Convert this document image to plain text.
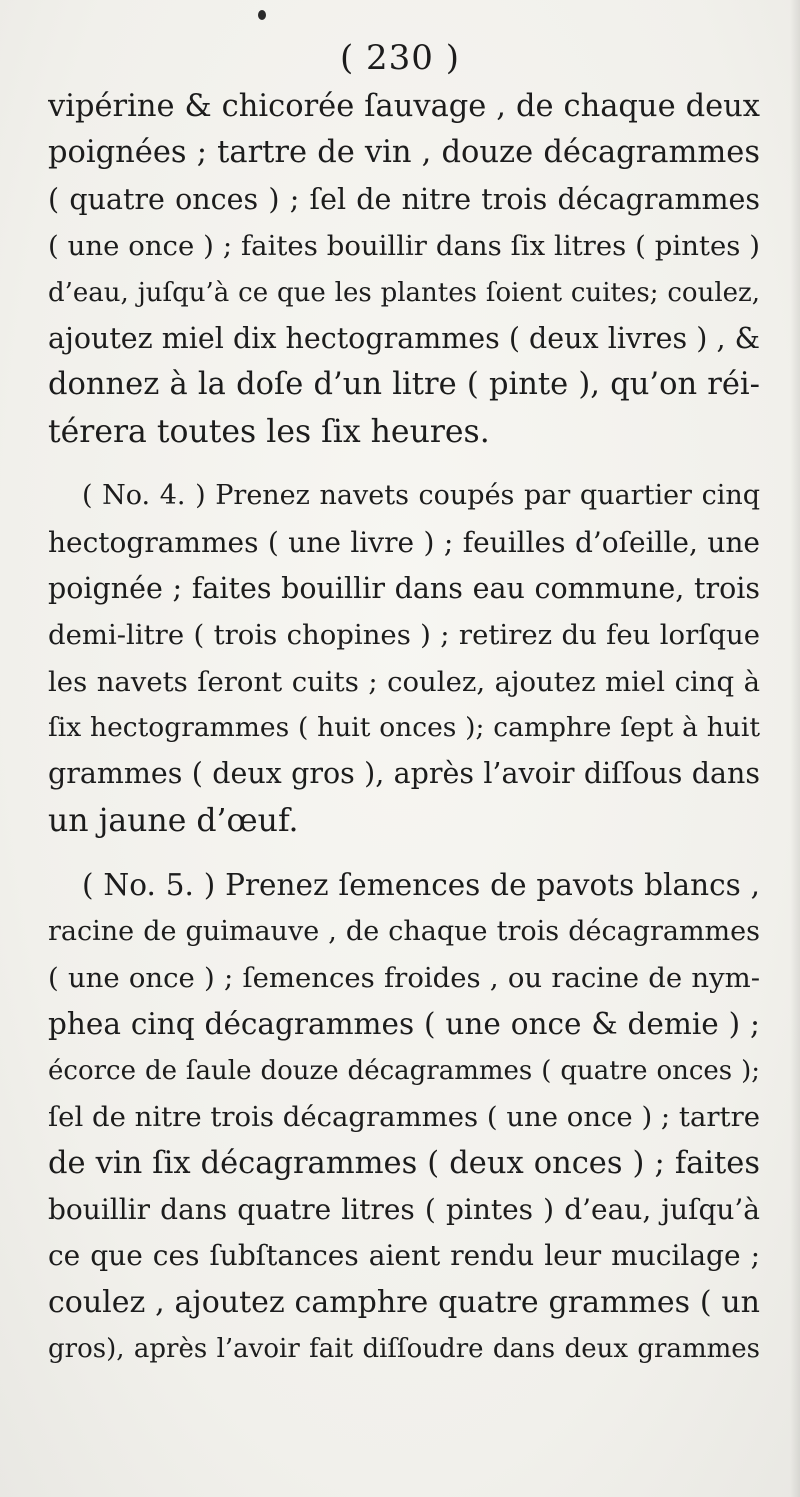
( 230 )
vipérine & chicorée ſauvage , de chaque deux
poignées ; tartre de vin , douze décagrammes
( quatre onces ) ; ſel de nitre trois décagrammes
( une once ) ; faites bouillir dans ſix litres ( pintes )
d’eau, juſqu’à ce que les plantes ſoient cuites; coulez,
ajoutez miel dix hectogrammes ( deux livres ) , &
donnez à la doſe d’un litre ( pinte ), qu’on réi-
térera toutes les ſix heures.
( No. 4. ) Prenez navets coupés par quartier cinq
hectogrammes ( une livre ) ; feuilles d’oſeille, une
poignée ; faites bouillir dans eau commune, trois
demi-litre ( trois chopines ) ; retirez du feu lorſque
les navets ſeront cuits ; coulez, ajoutez miel cinq à
ſix hectogrammes ( huit onces ); camphre ſept à huit
grammes ( deux gros ), après l’avoir diſſous dans
un jaune d’œuf.
( No. 5. ) Prenez ſemences de pavots blancs ,
racine de guimauve , de chaque trois décagrammes
( une once ) ; ſemences froides , ou racine de nym-
phea cinq décagrammes ( une once & demie ) ;
écorce de ſaule douze décagrammes ( quatre onces );
ſel de nitre trois décagrammes ( une once ) ; tartre
de vin ſix décagrammes ( deux onces ) ; faites
bouillir dans quatre litres ( pintes ) d’eau, juſqu’à
ce que ces ſubſtances aient rendu leur mucilage ;
coulez , ajoutez camphre quatre grammes ( un
gros), après l’avoir fait diſſoudre dans deux grammes
